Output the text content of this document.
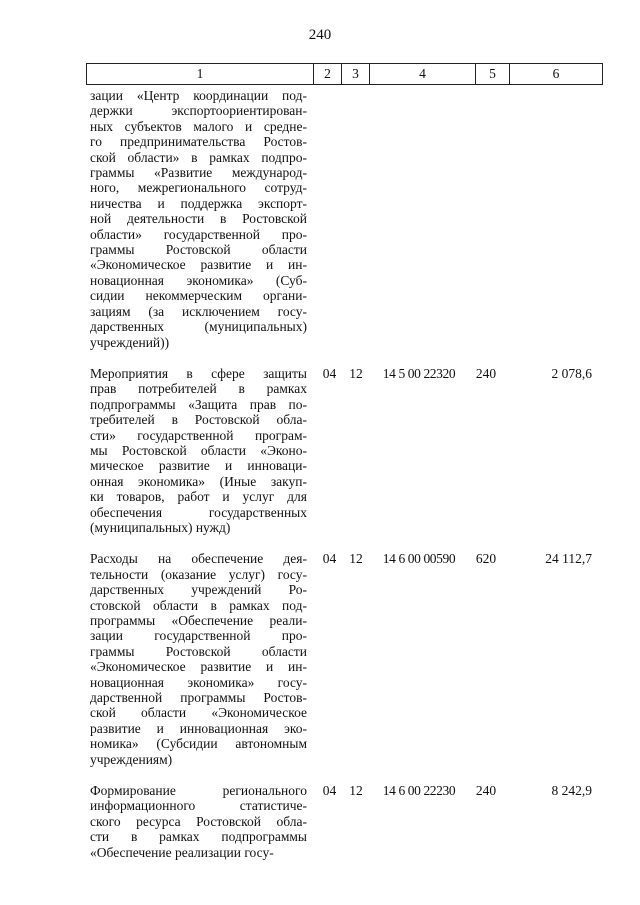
240
1	2	3	4	5	6
зации «Центр координации под-
держки экспортоориентирован-
ных субъектов малого и средне-
го предпринимательства Ростов-
ской области» в рамках подпро-
граммы «Развитие международ-
ного, межрегионального сотруд-
ничества и поддержка экспорт-
ной деятельности в Ростовской
области» государственной про-
граммы Ростовской области
«Экономическое развитие и ин-
новационная экономика» (Суб-
сидии некоммерческим органи-
зациям (за исключением госу-
дарственных (муниципальных)
учреждений))
Мероприятия в сфере защиты
прав потребителей в рамках
подпрограммы «Защита прав по-
требителей в Ростовской обла-
сти» государственной програм-
мы Ростовской области «Эконо-
мическое развитие и инноваци-
онная экономика» (Иные закуп-
ки товаров, работ и услуг для
обеспечения государственных
(муниципальных) нужд)
04 12	14 5 00 22320	240	2 078,6
Расходы на обеспечение дея-
тельности (оказание услуг) госу-
дарственных учреждений Ро-
стовской области в рамках под-
программы «Обеспечение реали-
зации государственной про-
граммы Ростовской области
«Экономическое развитие и ин-
новационная экономика» госу-
дарственной программы Ростов-
ской области «Экономическое
развитие и инновационная эко-
номика» (Субсидии автономным
учреждениям)
04 12	14 6 00 00590	620	24 112,7
Формирование регионального
информационного статистиче-
ского ресурса Ростовской обла-
сти в рамках подпрограммы
«Обеспечение реализации госу-
04 12	14 6 00 22230	240	8 242,9
